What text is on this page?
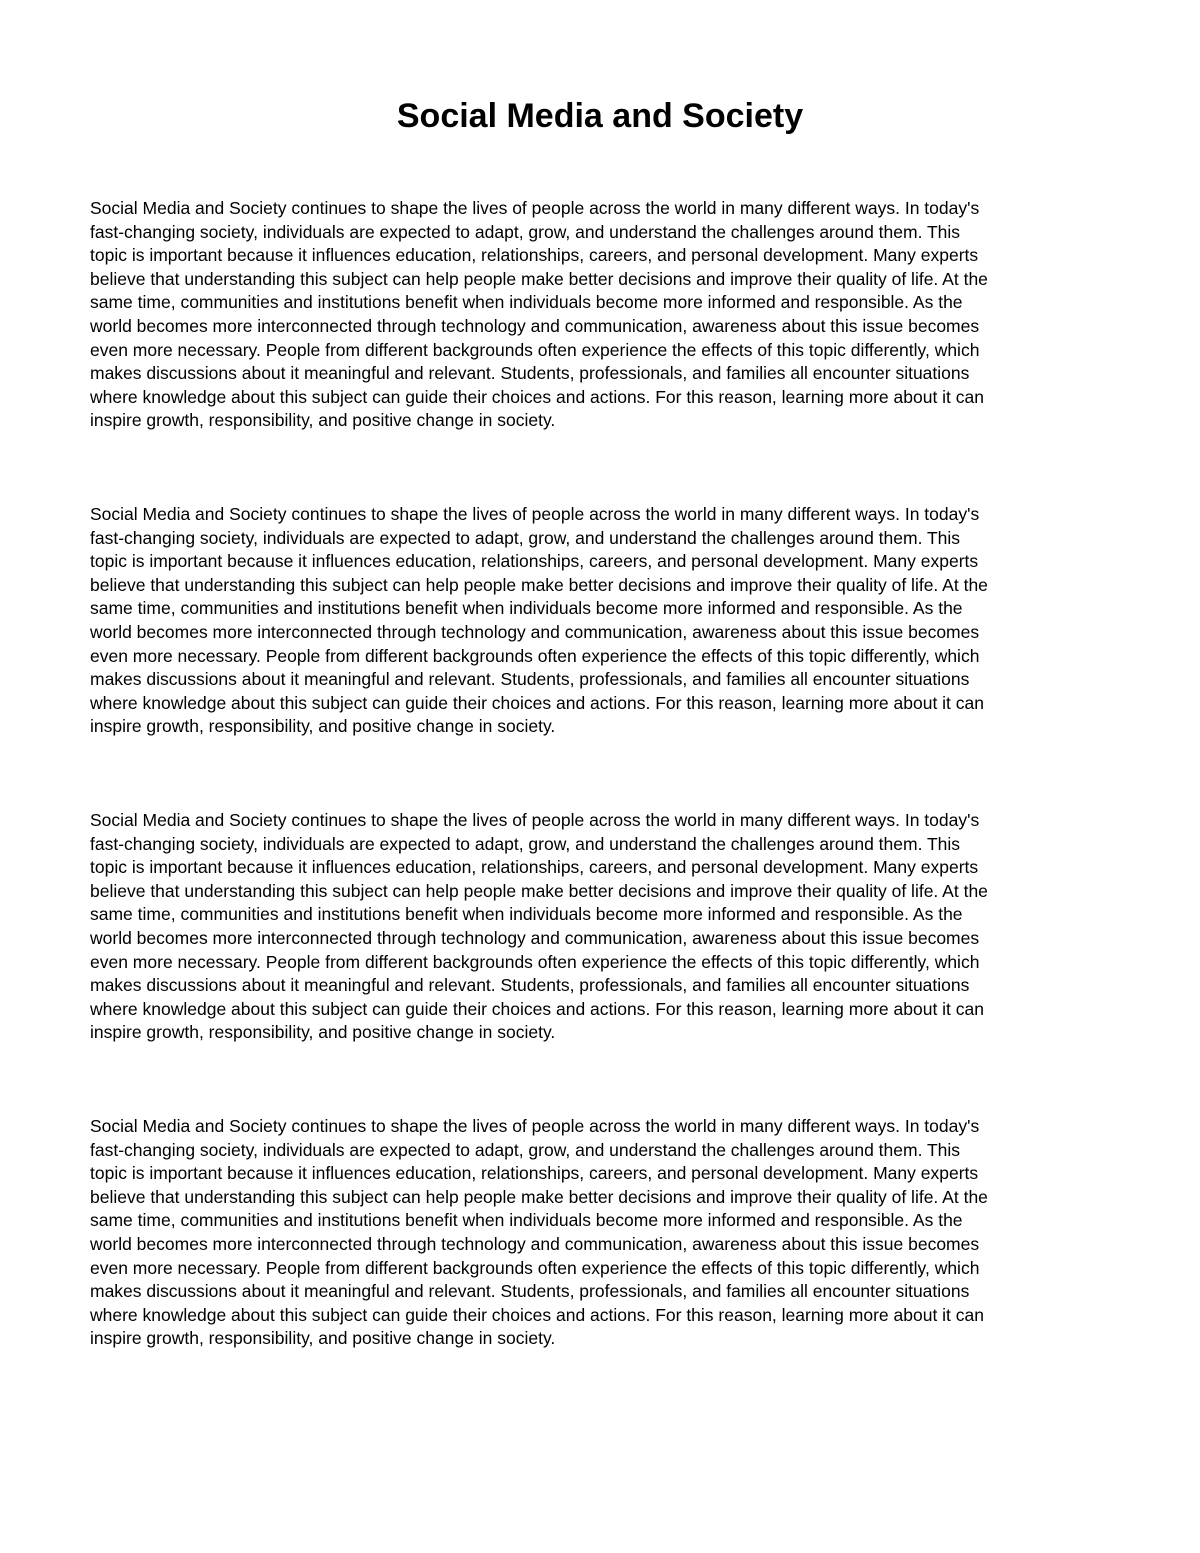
Social Media and Society

Social Media and Society continues to shape the lives of people across the world in many different ways. In today's
fast-changing society, individuals are expected to adapt, grow, and understand the challenges around them. This
topic is important because it influences education, relationships, careers, and personal development. Many experts
believe that understanding this subject can help people make better decisions and improve their quality of life. At the
same time, communities and institutions benefit when individuals become more informed and responsible. As the
world becomes more interconnected through technology and communication, awareness about this issue becomes
even more necessary. People from different backgrounds often experience the effects of this topic differently, which
makes discussions about it meaningful and relevant. Students, professionals, and families all encounter situations
where knowledge about this subject can guide their choices and actions. For this reason, learning more about it can
inspire growth, responsibility, and positive change in society.

Social Media and Society continues to shape the lives of people across the world in many different ways. In today's
fast-changing society, individuals are expected to adapt, grow, and understand the challenges around them. This
topic is important because it influences education, relationships, careers, and personal development. Many experts
believe that understanding this subject can help people make better decisions and improve their quality of life. At the
same time, communities and institutions benefit when individuals become more informed and responsible. As the
world becomes more interconnected through technology and communication, awareness about this issue becomes
even more necessary. People from different backgrounds often experience the effects of this topic differently, which
makes discussions about it meaningful and relevant. Students, professionals, and families all encounter situations
where knowledge about this subject can guide their choices and actions. For this reason, learning more about it can
inspire growth, responsibility, and positive change in society.

Social Media and Society continues to shape the lives of people across the world in many different ways. In today's
fast-changing society, individuals are expected to adapt, grow, and understand the challenges around them. This
topic is important because it influences education, relationships, careers, and personal development. Many experts
believe that understanding this subject can help people make better decisions and improve their quality of life. At the
same time, communities and institutions benefit when individuals become more informed and responsible. As the
world becomes more interconnected through technology and communication, awareness about this issue becomes
even more necessary. People from different backgrounds often experience the effects of this topic differently, which
makes discussions about it meaningful and relevant. Students, professionals, and families all encounter situations
where knowledge about this subject can guide their choices and actions. For this reason, learning more about it can
inspire growth, responsibility, and positive change in society.

Social Media and Society continues to shape the lives of people across the world in many different ways. In today's
fast-changing society, individuals are expected to adapt, grow, and understand the challenges around them. This
topic is important because it influences education, relationships, careers, and personal development. Many experts
believe that understanding this subject can help people make better decisions and improve their quality of life. At the
same time, communities and institutions benefit when individuals become more informed and responsible. As the
world becomes more interconnected through technology and communication, awareness about this issue becomes
even more necessary. People from different backgrounds often experience the effects of this topic differently, which
makes discussions about it meaningful and relevant. Students, professionals, and families all encounter situations
where knowledge about this subject can guide their choices and actions. For this reason, learning more about it can
inspire growth, responsibility, and positive change in society.
